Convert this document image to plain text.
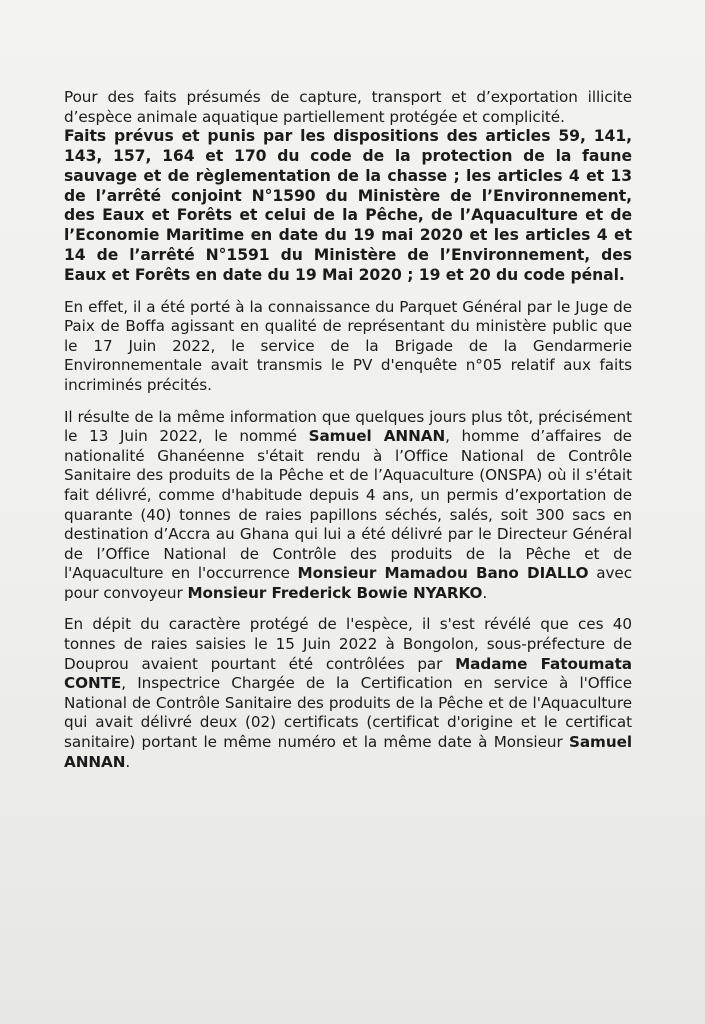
Pour des faits présumés de capture, transport et d’exportation illicite d’espèce animale aquatique partiellement protégée et complicité.

Faits prévus et punis par les dispositions des articles 59, 141, 143, 157, 164 et 170 du code de la protection de la faune sauvage et de règlementation de la chasse ; les articles 4 et 13 de l’arrêté conjoint N°1590 du Ministère de l’Environnement, des Eaux et Forêts et celui de la Pêche, de l’Aquaculture et de l’Economie Maritime en date du 19 mai 2020 et les articles 4 et 14 de l’arrêté N°1591 du Ministère de l’Environnement, des Eaux et Forêts en date du 19 Mai 2020 ; 19 et 20 du code pénal.

En effet, il a été porté à la connaissance du Parquet Général par le Juge de Paix de Boffa agissant en qualité de représentant du ministère public que le 17 Juin 2022, le service de la Brigade de la Gendarmerie Environnementale avait transmis le PV d'enquête n°05 relatif aux faits incriminés précités.

Il résulte de la même information que quelques jours plus tôt, précisément le 13 Juin 2022, le nommé Samuel ANNAN, homme d’affaires de nationalité Ghanéenne s'était rendu à l’Office National de Contrôle Sanitaire des produits de la Pêche et de l’Aquaculture (ONSPA) où il s'était fait délivré, comme d'habitude depuis 4 ans, un permis d’exportation de quarante (40) tonnes de raies papillons séchés, salés, soit 300 sacs en destination d’Accra au Ghana qui lui a été délivré par le Directeur Général de l’Office National de Contrôle des produits de la Pêche et de l'Aquaculture en l'occurrence Monsieur Mamadou Bano DIALLO avec pour convoyeur Monsieur Frederick Bowie NYARKO.

En dépit du caractère protégé de l'espèce, il s'est révélé que ces 40 tonnes de raies saisies le 15 Juin 2022 à Bongolon, sous-préfecture de Douprou avaient pourtant été contrôlées par Madame Fatoumata CONTE, Inspectrice Chargée de la Certification en service à l'Office National de Contrôle Sanitaire des produits de la Pêche et de l'Aquaculture qui avait délivré deux (02) certificats (certificat d'origine et le certificat sanitaire) portant le même numéro et la même date à Monsieur Samuel ANNAN.
